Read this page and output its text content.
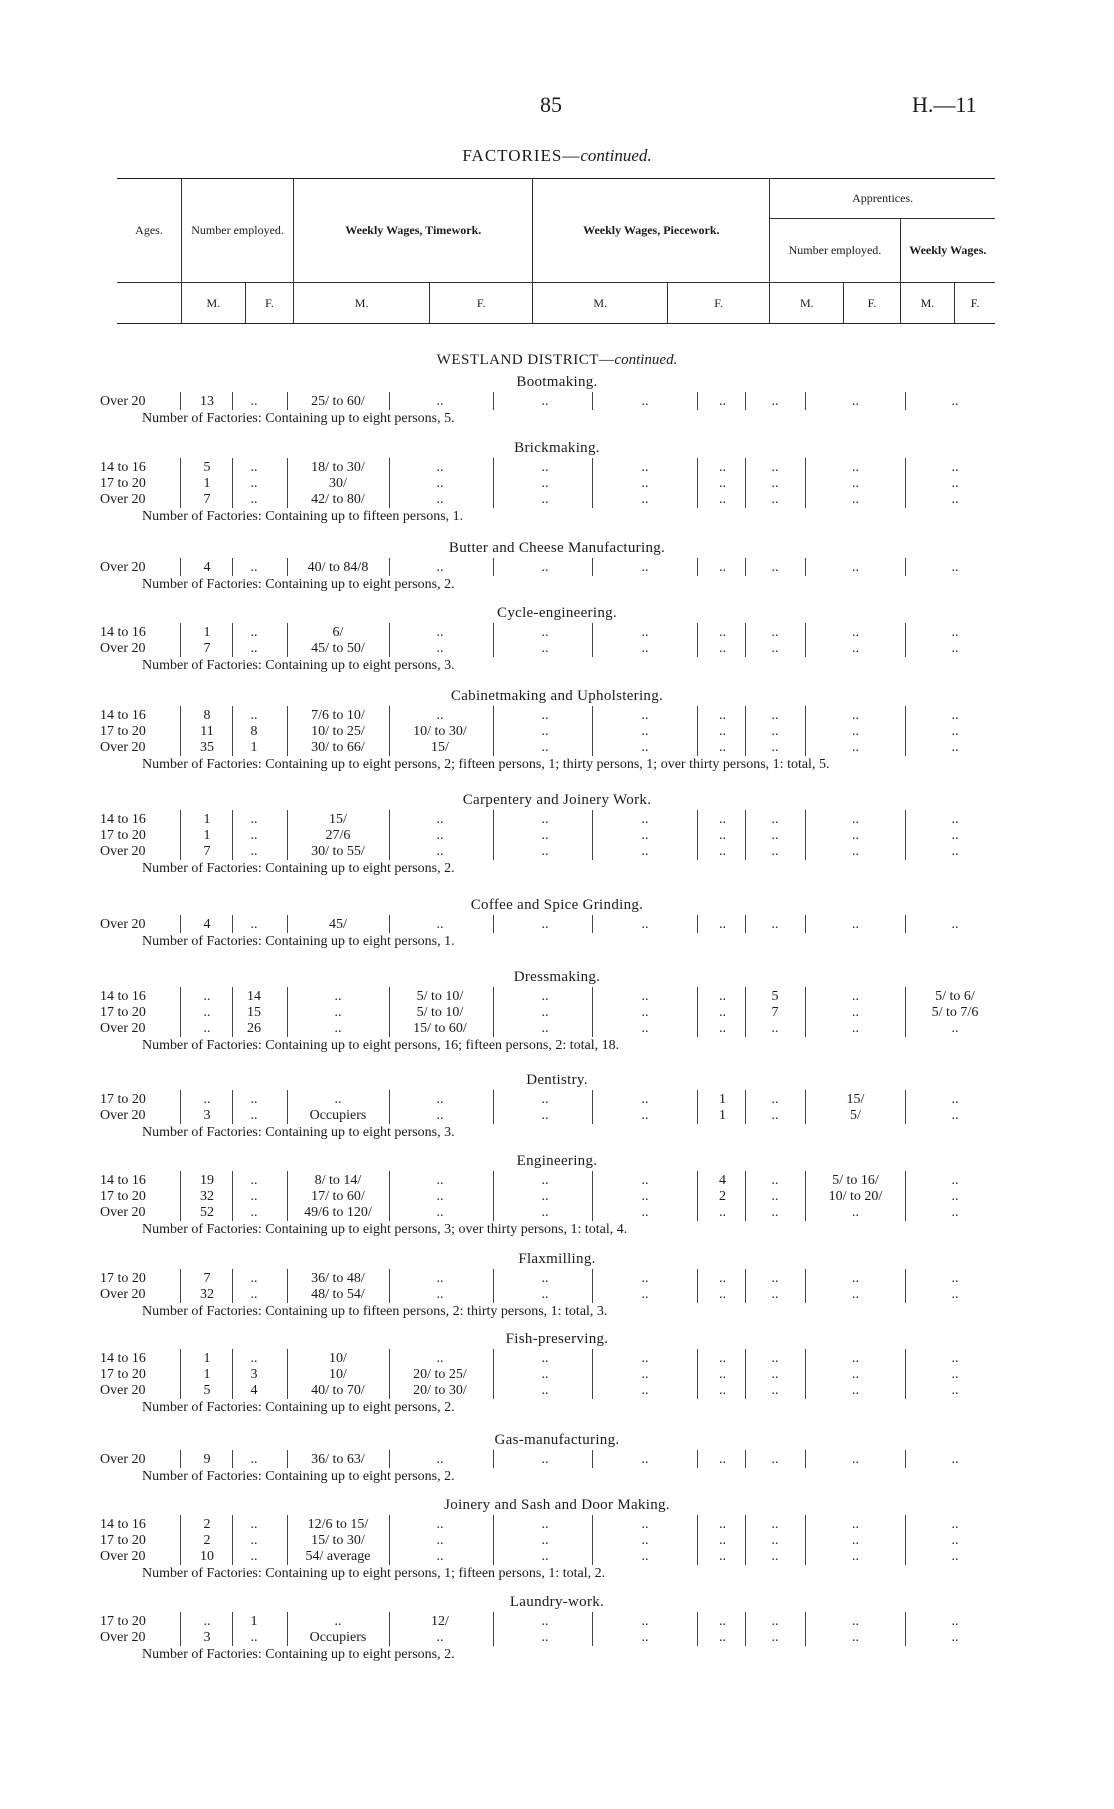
85	H.—11
FACTORIES—continued.
Ages.	Number employed.		Weekly Wages, Timework.		Weekly Wages, Piecework.		Apprentices.			
							Number employed.		Weekly Wages.	
	M.	F.	M.	F.	M.	F.	M.	F.	M.	F.
WESTLAND DISTRICT—continued.
Bootmaking.
Over 20	13	..	25/ to 60/	..	..	..	..	..	..	..
Number of Factories: Containing up to eight persons, 5.
Brickmaking.
14 to 16	5	..	18/ to 30/	..	..	..	..	..	..	..
17 to 20	1	..	30/	..	..	..	..	..	..	..
Over 20	7	..	42/ to 80/	..	..	..	..	..	..	..
Number of Factories: Containing up to fifteen persons, 1.
Butter and Cheese Manufacturing.
Over 20	4	..	40/ to 84/8	..	..	..	..	..	..	..
Number of Factories: Containing up to eight persons, 2.
Cycle-engineering.
14 to 16	1	..	6/	..	..	..	..	..	..	..
Over 20	7	..	45/ to 50/	..	..	..	..	..	..	..
Number of Factories: Containing up to eight persons, 3.
Cabinetmaking and Upholstering.
14 to 16	8	..	7/6 to 10/	..	..	..	..	..	..	..
17 to 20	11	8	10/ to 25/	10/ to 30/	..	..	..	..	..	..
Over 20	35	1	30/ to 66/	15/	..	..	..	..	..	..
Number of Factories: Containing up to eight persons, 2; fifteen persons, 1; thirty persons, 1; over thirty persons, 1: total, 5.
Carpentery and Joinery Work.
14 to 16	1	..	15/	..	..	..	..	..	..	..
17 to 20	1	..	27/6	..	..	..	..	..	..	..
Over 20	7	..	30/ to 55/	..	..	..	..	..	..	..
Number of Factories: Containing up to eight persons, 2.
Coffee and Spice Grinding.
Over 20	4	..	45/	..	..	..	..	..	..	..
Number of Factories: Containing up to eight persons, 1.
Dressmaking.
14 to 16	..	14	..	5/ to 10/	..	..	..	5	..	5/ to 6/
17 to 20	..	15	..	5/ to 10/	..	..	..	7	..	5/ to 7/6
Over 20	..	26	..	15/ to 60/	..	..	..	..	..	..
Number of Factories: Containing up to eight persons, 16; fifteen persons, 2: total, 18.
Dentistry.
17 to 20	..	..	..	..	..	..	1	..	15/	..
Over 20	3	..	Occupiers	..	..	..	1	..	5/	..
Number of Factories: Containing up to eight persons, 3.
Engineering.
14 to 16	19	..	8/ to 14/	..	..	..	4	..	5/ to 16/	..
17 to 20	32	..	17/ to 60/	..	..	..	2	..	10/ to 20/	..
Over 20	52	..	49/6 to 120/	..	..	..	..	..	..	..
Number of Factories: Containing up to eight persons, 3; over thirty persons, 1: total, 4.
Flaxmilling.
17 to 20	7	..	36/ to 48/	..	..	..	..	..	..	..
Over 20	32	..	48/ to 54/	..	..	..	..	..	..	..
Number of Factories: Containing up to fifteen persons, 2: thirty persons, 1: total, 3.
Fish-preserving.
14 to 16	1	..	10/	..	..	..	..	..	..	..
17 to 20	1	3	10/	20/ to 25/	..	..	..	..	..	..
Over 20	5	4	40/ to 70/	20/ to 30/	..	..	..	..	..	..
Number of Factories: Containing up to eight persons, 2.
Gas-manufacturing.
Over 20	9	..	36/ to 63/	..	..	..	..	..	..	..
Number of Factories: Containing up to eight persons, 2.
Joinery and Sash and Door Making.
14 to 16	2	..	12/6 to 15/	..	..	..	..	..	..	..
17 to 20	2	..	15/ to 30/	..	..	..	..	..	..	..
Over 20	10	..	54/ average	..	..	..	..	..	..	..
Number of Factories: Containing up to eight persons, 1; fifteen persons, 1: total, 2.
Laundry-work.
17 to 20	..	1	..	12/	..	..	..	..	..	..
Over 20	3	..	Occupiers	..	..	..	..	..	..	..
Number of Factories: Containing up to eight persons, 2.
